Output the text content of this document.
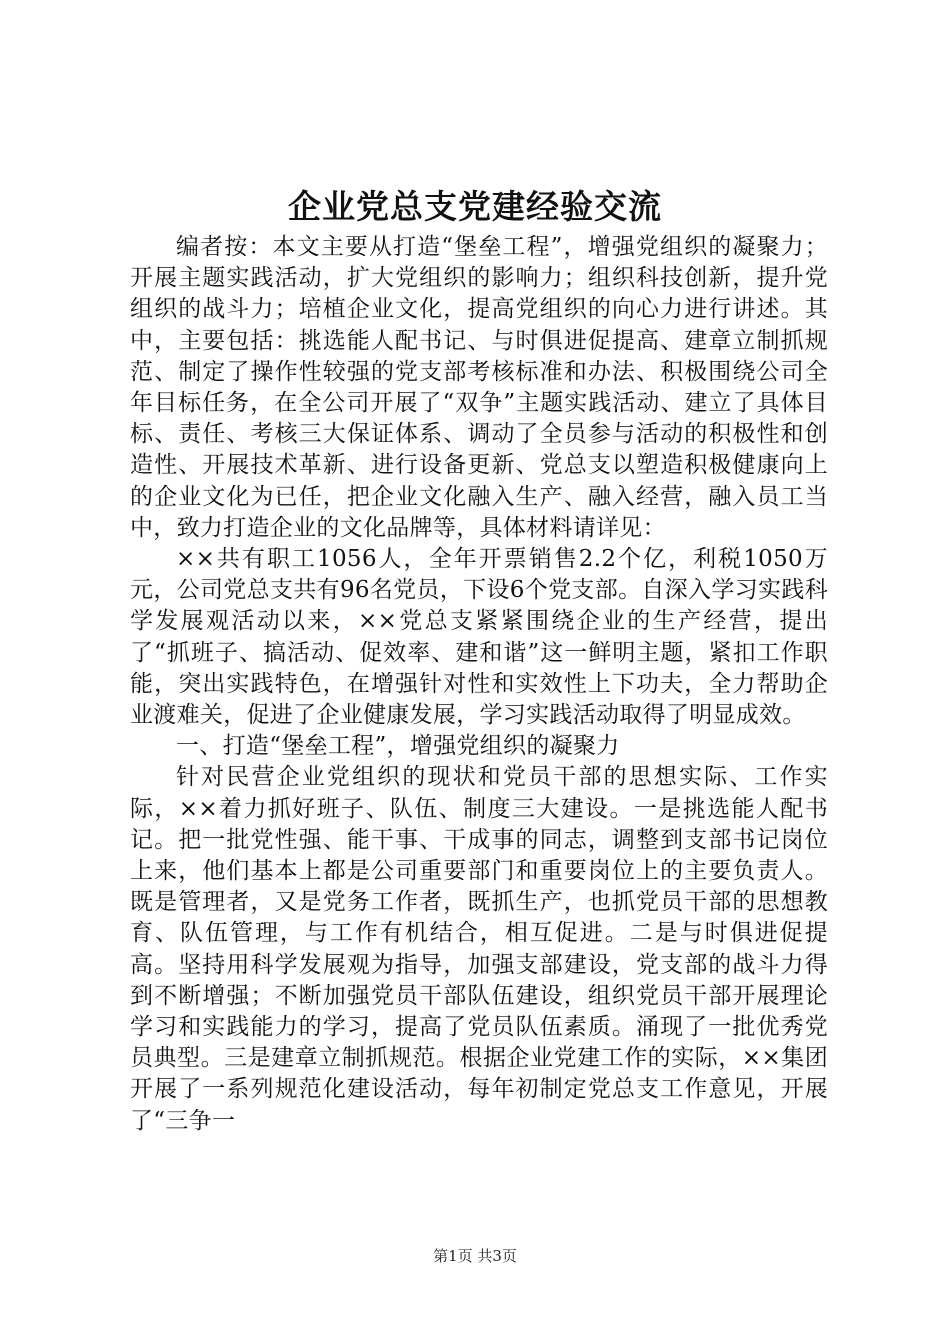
企业党总支党建经验交流

编者按：本文主要从打造“堡垒工程”，增强党组织的凝聚力；开展主题实践活动，扩大党组织的影响力；组织科技创新，提升党组织的战斗力；培植企业文化，提高党组织的向心力进行讲述。其中，主要包括：挑选能人配书记、与时俱进促提高、建章立制抓规范、制定了操作性较强的党支部考核标准和办法、积极围绕公司全年目标任务，在全公司开展了“双争”主题实践活动、建立了具体目标、责任、考核三大保证体系、调动了全员参与活动的积极性和创造性、开展技术革新、进行设备更新、党总支以塑造积极健康向上的企业文化为已任，把企业文化融入生产、融入经营，融入员工当中，致力打造企业的文化品牌等，具体材料请详见：

××共有职工1056人，全年开票销售2.2个亿，利税1050万元，公司党总支共有96名党员，下设6个党支部。自深入学习实践科学发展观活动以来，××党总支紧紧围绕企业的生产经营，提出了“抓班子、搞活动、促效率、建和谐”这一鲜明主题，紧扣工作职能，突出实践特色，在增强针对性和实效性上下功夫，全力帮助企业渡难关，促进了企业健康发展，学习实践活动取得了明显成效。

一、打造“堡垒工程”，增强党组织的凝聚力

针对民营企业党组织的现状和党员干部的思想实际、工作实际，××着力抓好班子、队伍、制度三大建设。一是挑选能人配书记。把一批党性强、能干事、干成事的同志，调整到支部书记岗位上来，他们基本上都是公司重要部门和重要岗位上的主要负责人。既是管理者，又是党务工作者，既抓生产，也抓党员干部的思想教育、队伍管理，与工作有机结合，相互促进。二是与时俱进促提高。坚持用科学发展观为指导，加强支部建设，党支部的战斗力得到不断增强；不断加强党员干部队伍建设，组织党员干部开展理论学习和实践能力的学习，提高了党员队伍素质。涌现了一批优秀党员典型。三是建章立制抓规范。根据企业党建工作的实际，××集团开展了一系列规范化建设活动，每年初制定党总支工作意见，开展了“三争一

第1页 共3页
